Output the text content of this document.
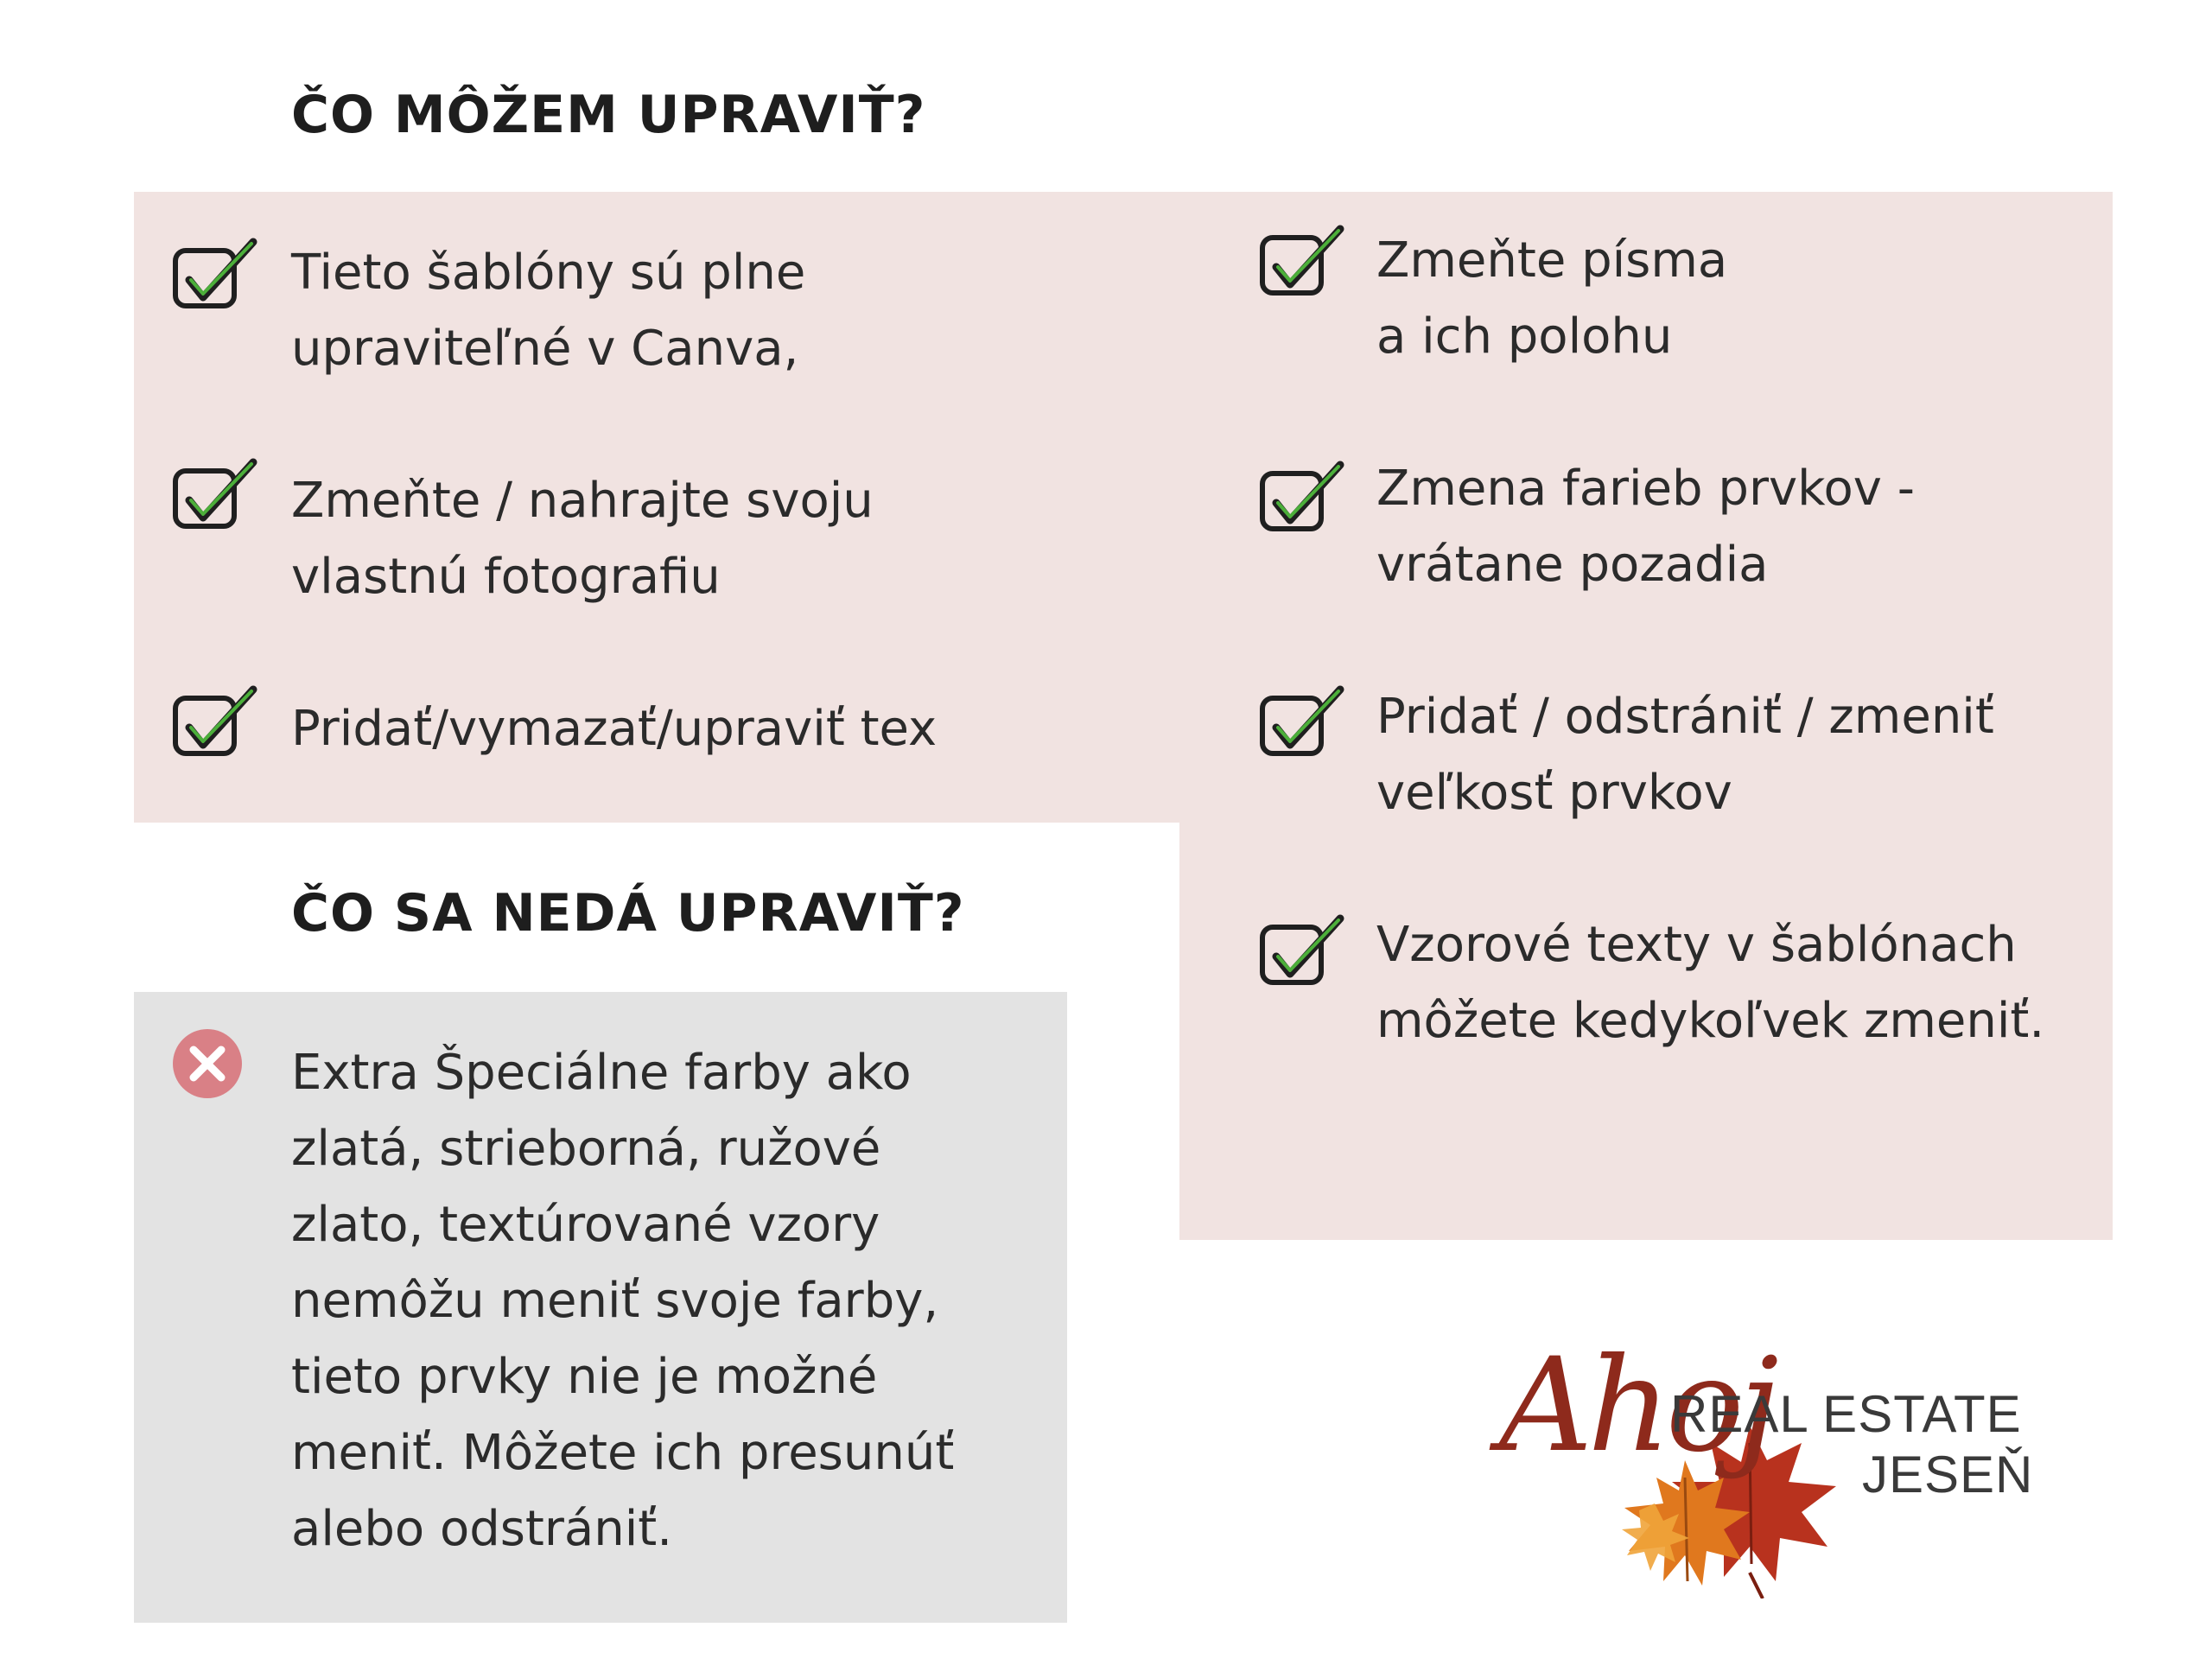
ČO MÔŽEM UPRAVIŤ?
ČO SA NEDÁ UPRAVIŤ?
Tieto šablóny sú plne
upraviteľné v Canva,
Zmeňte / nahrajte svoju
vlastnú fotografiu
Pridať/vymazať/upraviť tex
Zmeňte písma
a ich polohu
Zmena farieb prvkov -
vrátane pozadia
Pridať / odstrániť / zmeniť
veľkosť prvkov
Vzorové texty v šablónach
môžete kedykoľvek zmeniť.
Extra Špeciálne farby ako
zlatá, strieborná, ružové
zlato, textúrované vzory
nemôžu meniť svoje farby,
tieto prvky nie je možné
meniť. Môžete ich presunúť
alebo odstrániť.
Ahoj
REAL ESTATE
JESEŇ
